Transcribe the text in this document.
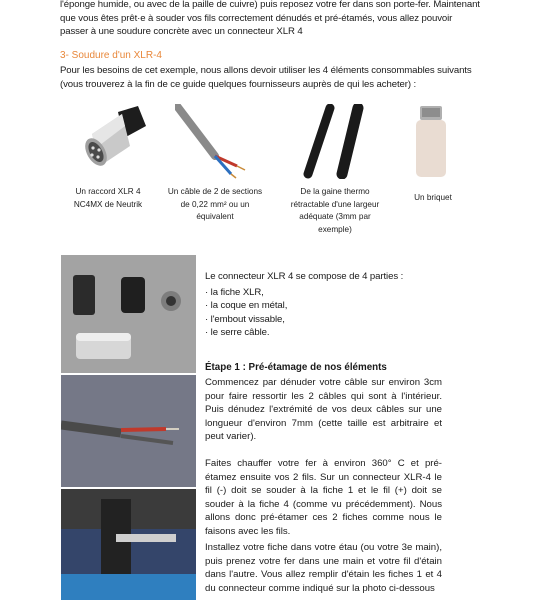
l'éponge humide, ou avec de la paille de cuivre) puis reposez votre fer dans son porte-fer. Maintenant que vous êtes prêt·e à souder vos fils correctement dénudés et pré-étamés, vous allez pouvoir passer à une soudure concrète avec un connecteur XLR 4
3- Soudure d'un XLR-4
Pour les besoins de cet exemple, nous allons devoir utiliser les 4 éléments consommables suivants (vous trouverez à la fin de ce guide quelques fournisseurs auprès de qui les acheter) :
Un raccord XLR 4
NC4MX de Neutrik
Un câble de 2 de sections
de 0,22 mm² ou un
équivalent
De la gaine thermo
rétractable d'une largeur
adéquate (3mm par
exemple)
Un briquet
Le connecteur XLR 4 se compose de 4 parties :
· la fiche XLR,
· la coque en métal,
· l'embout vissable,
· le serre câble.
Étape 1 : Pré-étamage de nos éléments
Commencez par dénuder votre câble sur environ 3cm pour faire ressortir les 2 câbles qui sont à l'intérieur. Puis dénudez l'extrémité de vos deux câbles sur une longueur d'environ 7mm (cette taille est arbitraire et peut varier).
Faites chauffer votre fer à environ 360° C et pré-étamez ensuite vos 2 fils. Sur un connecteur XLR-4 le fil (-) doit se souder à la fiche 1 et le fil (+) doit se souder à la fiche 4 (comme vu précédemment). Nous allons donc pré-étamer ces 2 fiches comme nous le faisons avec les fils.
Installez votre fiche dans votre étau (ou votre 3e main), puis prenez votre fer dans une main et votre fil d'étain dans l'autre. Vous allez remplir d'étain les fiches 1 et 4 du connecteur comme indiqué sur la photo ci-dessous
